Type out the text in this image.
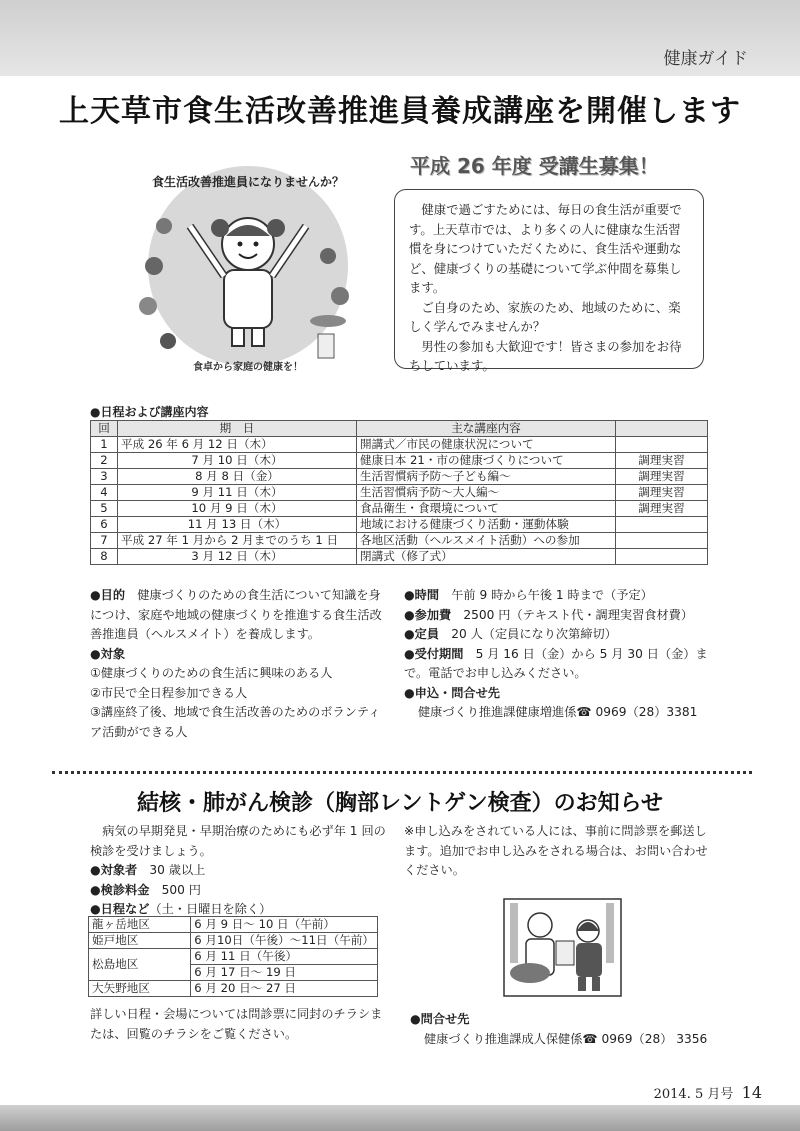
健康ガイド
上天草市食生活改善推進員養成講座を開催します
平成 26 年度 受講生募集！
食生活改善推進員になりませんか？
食卓から家庭の健康を！

健康で過ごすためには、毎日の食生活が重要です。上天草市では、より多くの人に健康な生活習慣を身につけていただくために、食生活や運動など、健康づくりの基礎について学ぶ仲間を募集します。

ご自身のため、家族のため、地域のために、楽しく学んでみませんか？

男性の参加も大歓迎です！皆さまの参加をお待ちしています。

●日程および講座内容
回	期　日	主な講座内容	
1	平成 26 年 6 月 12 日（木）	開講式／市民の健康状況について	
2	7 月 10 日（木）	健康日本 21・市の健康づくりについて	調理実習
3	8 月 8 日（金）	生活習慣病予防～子ども編～	調理実習
4	9 月 11 日（木）	生活習慣病予防～大人編～	調理実習
5	10 月 9 日（木）	食品衛生・食環境について	調理実習
6	11 月 13 日（木）	地域における健康づくり活動・運動体験	
7	平成 27 年 1 月から 2 月までのうち 1 日	各地区活動（ヘルスメイト活動）への参加	
8	3 月 12 日（木）	閉講式（修了式）	
●目的　 健康づくりのための食生活について知識を身につけ、家庭や地域の健康づくりを推進する食生活改善推進員（ヘルスメイト）を養成します。
●対象
①健康づくりのための食生活に興味のある人
②市民で全日程参加できる人
③講座終了後、地域で食生活改善のためのボランティア活動ができる人
●時間　 午前 9 時から午後 1 時まで（予定）
●参加費　 2500 円（テキスト代・調理実習食材費）
●定員　 20 人（定員になり次第締切）
●受付期間　 5 月 16 日（金）から 5 月 30 日（金）まで。電話でお申し込みください。
●申込・問合せ先
健康づくり推進課健康増進係☎ 0969（28）3381
結核・肺がん検診（胸部レントゲン検査）のお知らせ
病気の早期発見・早期治療のためにも必ず年 1 回の検診を受けましょう。
●対象者　 30 歳以上
●検診料金　 500 円
●日程など（土・日曜日を除く）
龍ヶ岳地区	6 月 9 日～ 10 日（午前）
姫戸地区	6 月10日（午後）～11日（午前）
松島地区	6 月 11 日（午後）
	6 月 17 日～ 19 日
大矢野地区	6 月 20 日～ 27 日
詳しい日程・会場については問診票に同封のチラシまたは、回覧のチラシをご覧ください。
※申し込みをされている人には、事前に問診票を郵送します。追加でお申し込みをされる場合は、お問い合わせください。
●問合せ先
健康づくり推進課成人保健係☎ 0969（28） 3356
2014. 5 月号 14
